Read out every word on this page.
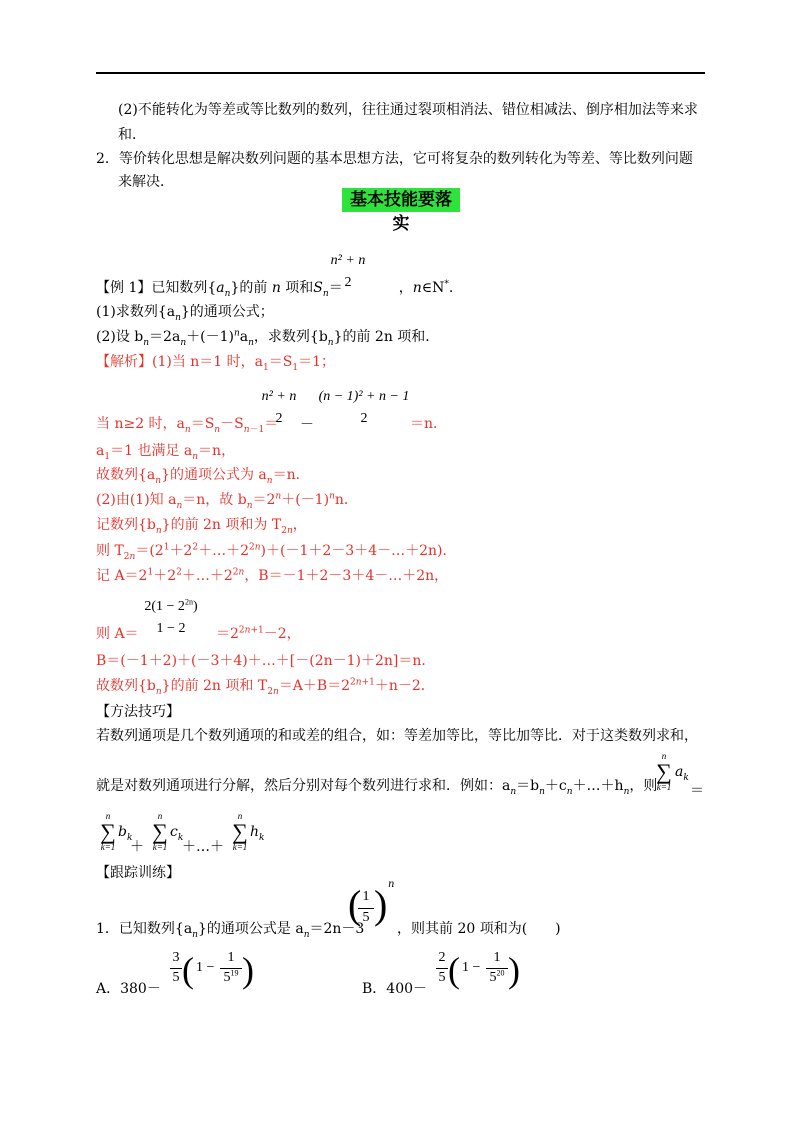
(2)不能转化为等差或等比数列的数列，往往通过裂项相消法、错位相减法、倒序相加法等来求
和．
2．等价转化思想是解决数列问题的基本思想方法，它可将复杂的数列转化为等差、等比数列问题
来解决．
基本技能要落实
n² + n
2
【例 1】已知数列$\{a_n\}$的前 n 项和$S_n=$	，n∈N*.
(1)求数列$\{a_n\}$的通项公式；
(2)设 $b_n=2a_n+(-1)^na_n$，求数列$\{b_n\}$的前 2n 项和．
【解析】(1)当 n＝1 时，$a_1=S_1=1$；
n² + n
2	－
(n − 1)² + n − 1
2
当 n≥2 时，$a_n=S_n-S_{n-1}=$	＝n．
$a_1=1$ 也满足 $a_n=n$，
故数列$\{a_n\}$的通项公式为 $a_n=n$．
(2)由(1)知 $a_n=n$，故 $b_n=2^n+(-1)^nn$．
记数列$\{b_n\}$的前 2n 项和为 $T_{2n}$，
则 $T_{2n}=(2^1+2^2+\dots+2^{2n})+(-1+2-3+4-\dots+2n)$．
记 $A=2^1+2^2+\dots+2^{2n}$，B＝－1＋2－3＋4－…＋2n，
$2(1 - 2^{2n})$
1 − 2
则 A＝	$=2^{2n+1}-2$，
B＝(－1＋2)＋(－3＋4)＋…＋[－(2n－1)＋2n]＝n．
故数列$\{b_n\}$的前 2n 项和 $T_{2n}=A+B=2^{2n+1}+n-2$．
【方法技巧】
若数列通项是几个数列通项的和或差的组合，如：等差加等比，等比加等比．对于这类数列求和，
n
∑
k=1
$a_k$
就是对数列通项进行分解，然后分别对每个数列进行求和．例如：$a_n=b_n+c_n+\dots+h_n$，则 ＝
n
∑
k=1
$b_k$
＋
n
∑
k=1
$c_k$
＋…＋
n
∑
k=1
$h_k$
【跟踪训练】
(
$\frac{1}{5}$ ) n
1．已知数列$\{a_n\}$的通项公式是 $a_n=2n-3$ ，则其前 20 项和为(　　)
A．380－
3
5 ( 1 −
1
$5^{19}$ )	B．400－
2
5 ( 1 −
1
$5^{20}$ )
